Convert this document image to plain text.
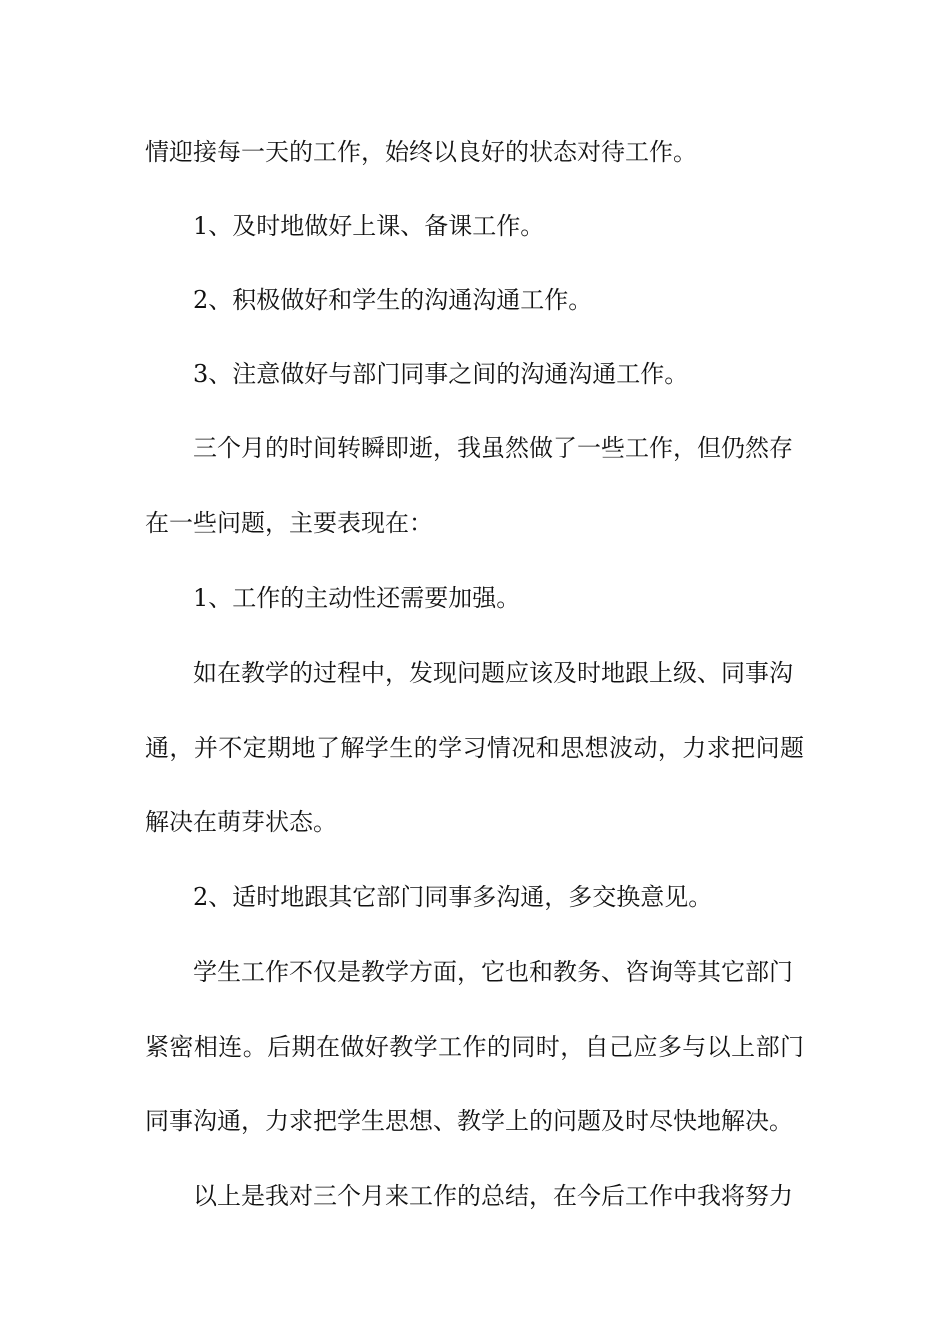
情迎接每一天的工作，始终以良好的状态对待工作。
1、及时地做好上课、备课工作。
2、积极做好和学生的沟通沟通工作。
3、注意做好与部门同事之间的沟通沟通工作。
三个月的时间转瞬即逝，我虽然做了一些工作，但仍然存
在一些问题，主要表现在：
1、工作的主动性还需要加强。
如在教学的过程中，发现问题应该及时地跟上级、同事沟
通，并不定期地了解学生的学习情况和思想波动，力求把问题
解决在萌芽状态。
2、适时地跟其它部门同事多沟通，多交换意见。
学生工作不仅是教学方面，它也和教务、咨询等其它部门
紧密相连。后期在做好教学工作的同时，自己应多与以上部门
同事沟通，力求把学生思想、教学上的问题及时尽快地解决。
以上是我对三个月来工作的总结，在今后工作中我将努力
